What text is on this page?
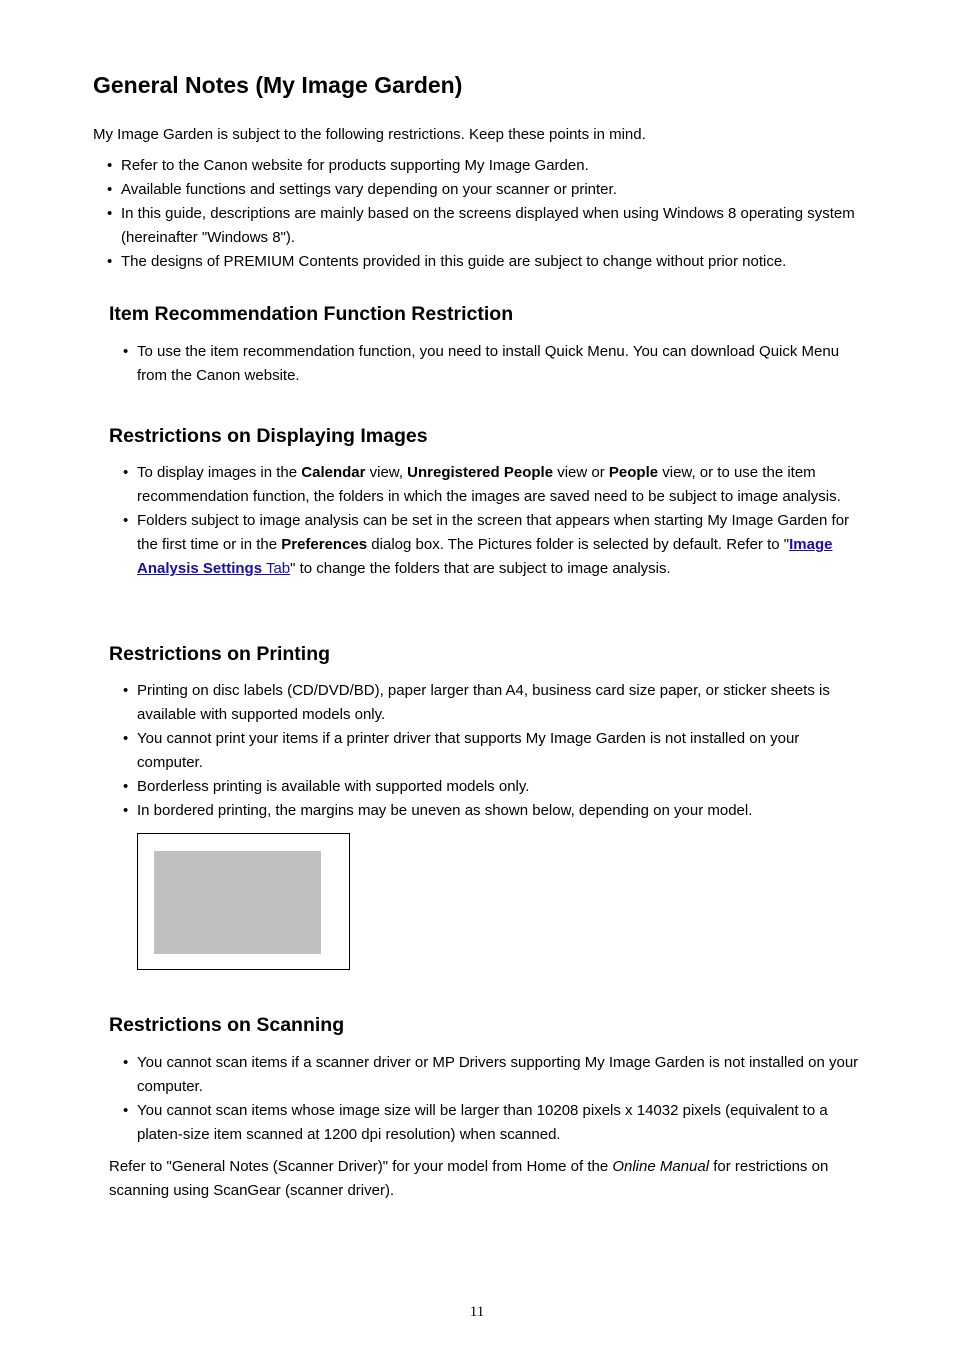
General Notes (My Image Garden)

My Image Garden is subject to the following restrictions. Keep these points in mind.

• Refer to the Canon website for products supporting My Image Garden.
• Available functions and settings vary depending on your scanner or printer.
• In this guide, descriptions are mainly based on the screens displayed when using Windows 8 operating system (hereinafter "Windows 8").
• The designs of PREMIUM Contents provided in this guide are subject to change without prior notice.
Item Recommendation Function Restriction
• To use the item recommendation function, you need to install Quick Menu. You can download Quick Menu from the Canon website.
Restrictions on Displaying Images
• To display images in the Calendar view, Unregistered People view or People view, or to use the item recommendation function, the folders in which the images are saved need to be subject to image analysis.
• Folders subject to image analysis can be set in the screen that appears when starting My Image Garden for the first time or in the Preferences dialog box. The Pictures folder is selected by default. Refer to "Image Analysis Settings Tab" to change the folders that are subject to image analysis.
Restrictions on Printing
• Printing on disc labels (CD/DVD/BD), paper larger than A4, business card size paper, or sticker sheets is available with supported models only.
• You cannot print your items if a printer driver that supports My Image Garden is not installed on your computer.
• Borderless printing is available with supported models only.
• In bordered printing, the margins may be uneven as shown below, depending on your model.
Restrictions on Scanning
• You cannot scan items if a scanner driver or MP Drivers supporting My Image Garden is not installed on your computer.
• You cannot scan items whose image size will be larger than 10208 pixels x 14032 pixels (equivalent to a platen-size item scanned at 1200 dpi resolution) when scanned.

Refer to "General Notes (Scanner Driver)" for your model from Home of the Online Manual for restrictions on scanning using ScanGear (scanner driver).

11
